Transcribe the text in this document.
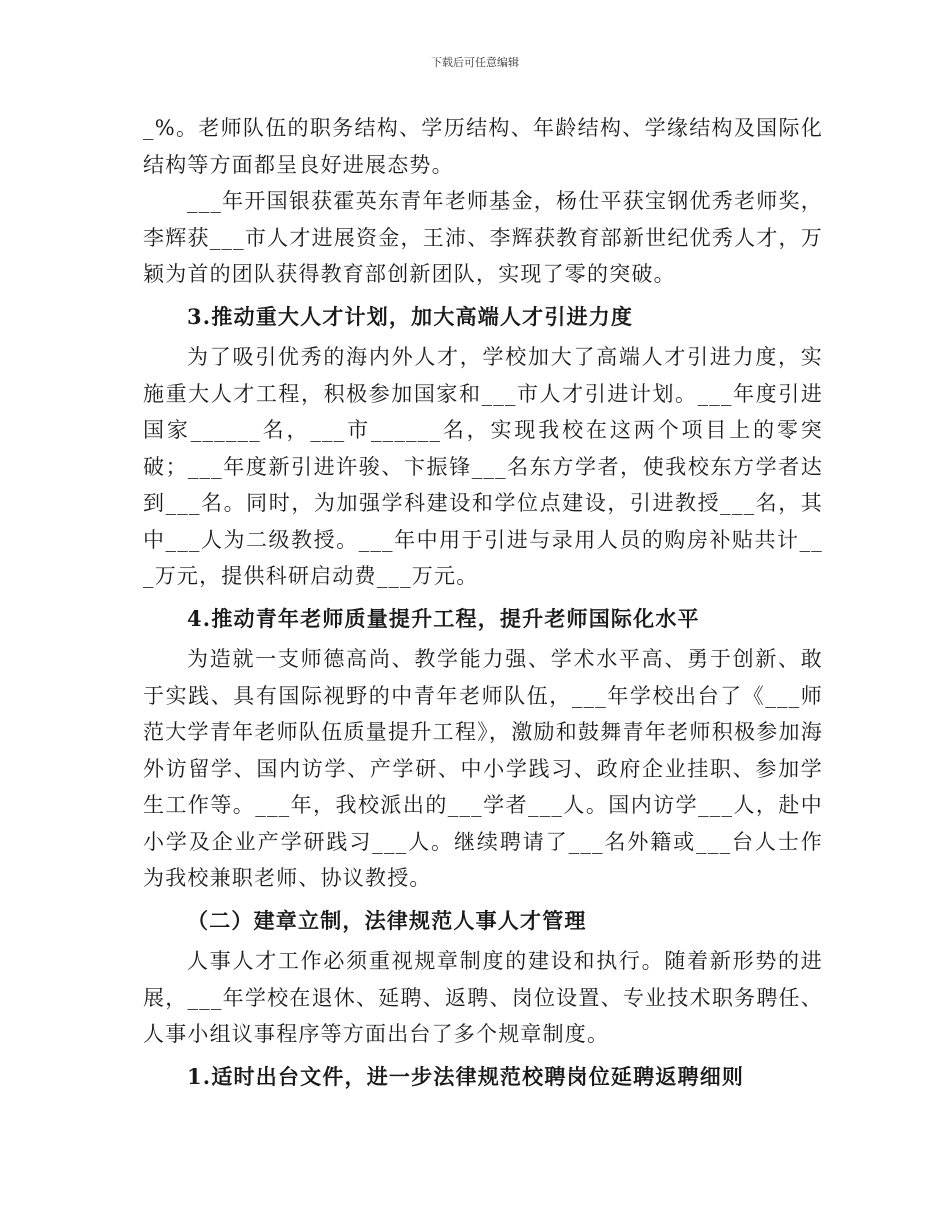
下载后可任意编辑

_%。老师队伍的职务结构、学历结构、年龄结构、学缘结构及国际化结构等方面都呈良好进展态势。

___年开国银获霍英东青年老师基金，杨仕平获宝钢优秀老师奖，李辉获___市人才进展资金，王沛、李辉获教育部新世纪优秀人才，万颖为首的团队获得教育部创新团队，实现了零的突破。

3.推动重大人才计划，加大高端人才引进力度

为了吸引优秀的海内外人才，学校加大了高端人才引进力度，实施重大人才工程，积极参加国家和___市人才引进计划。___年度引进国家______名，___市______名，实现我校在这两个项目上的零突破；___年度新引进许骏、卞振锋___名东方学者，使我校东方学者达到___名。同时，为加强学科建设和学位点建设，引进教授___名，其中___人为二级教授。___年中用于引进与录用人员的购房补贴共计___万元，提供科研启动费___万元。

4.推动青年老师质量提升工程，提升老师国际化水平

为造就一支师德高尚、教学能力强、学术水平高、勇于创新、敢于实践、具有国际视野的中青年老师队伍，___年学校出台了《___师范大学青年老师队伍质量提升工程》，激励和鼓舞青年老师积极参加海外访留学、国内访学、产学研、中小学践习、政府企业挂职、参加学生工作等。___年，我校派出的___学者___人。国内访学___人，赴中小学及企业产学研践习___人。继续聘请了___名外籍或___台人士作为我校兼职老师、协议教授。

（二）建章立制，法律规范人事人才管理

人事人才工作必须重视规章制度的建设和执行。随着新形势的进展，___年学校在退休、延聘、返聘、岗位设置、专业技术职务聘任、人事小组议事程序等方面出台了多个规章制度。

1.适时出台文件，进一步法律规范校聘岗位延聘返聘细则
